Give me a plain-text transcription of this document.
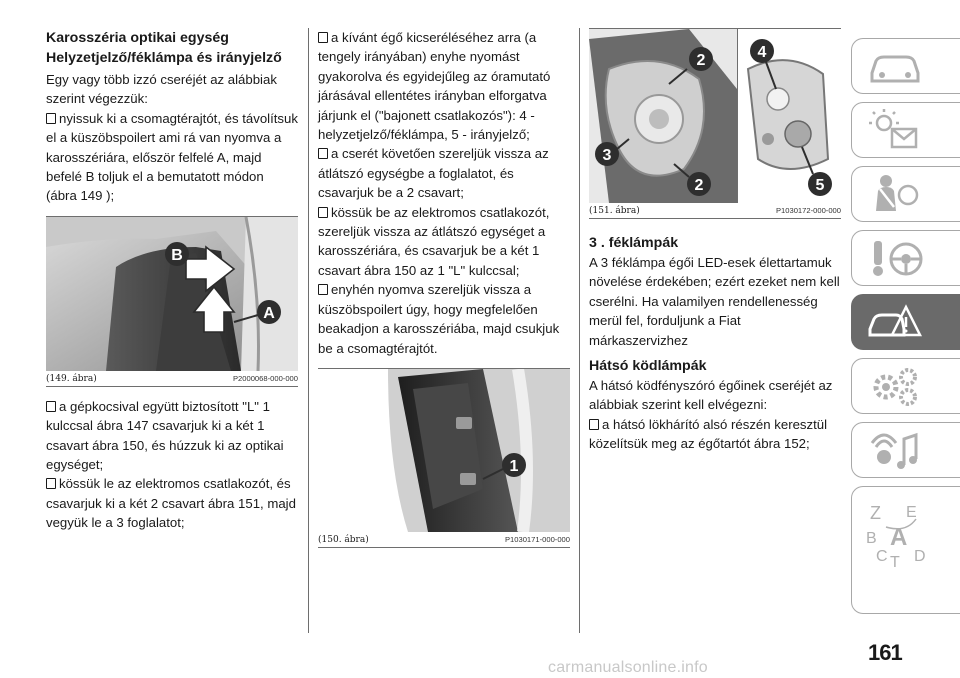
Karosszéria optikai egység
Helyzetjelző/féklámpa és irányjelző

Egy vagy több izzó cseréjét az alábbiak szerint végezzük:

nyissuk ki a csomagtérajtót, és távolítsuk el a küszöbspoilert ami rá van nyomva a karosszériára, először felfelé A, majd befelé B toljuk el a bemutatott módon (ábra 149 );

B
A
(149. ábra)	P2000068-000-000

a gépkocsival együtt biztosított "L" 1 kulccsal ábra 147 csavarjuk ki a két 1 csavart ábra 150, és húzzuk ki az optikai egységet;

kössük le az elektromos csatlakozót, és csavarjuk ki a két 2 csavart ábra 151, majd vegyük le a 3 foglalatot;

a kívánt égő kicseréléséhez arra (a tengely irányában) enyhe nyomást gyakorolva és egyidejűleg az óramutató járásával ellentétes irányban elforgatva járjunk el ("bajonett csatlakozós"): 4 - helyzetjelző/féklámpa, 5 - irányjelző;

a cserét követően szereljük vissza az átlátszó egységbe a foglalatot, és csavarjuk be a 2 csavart;

kössük be az elektromos csatlakozót, szereljük vissza az átlátszó egységet a karosszériára, és csavarjuk be a két 1 csavart ábra 150 az 1 "L" kulccsal;

enyhén nyomva szereljük vissza a küszöbspoilert úgy, hogy megfelelően beakadjon a karosszériába, majd csukjuk be a csomagtérajtót.

1
(150. ábra)	P1030171-000-000
2
3
2
4
5
(151. ábra)	P1030172-000-000
3 . féklámpák

A 3 féklámpa égői LED-esek élettartamuk növelése érdekében; ezért ezeket nem kell cserélni. Ha valamilyen rendellenesség merül fel, forduljunk a Fiat márkaszervizhez

Hátsó ködlámpák

A hátsó ködfényszóró égőinek cseréjét az alábbiak szerint kell elvégezni:

a hátsó lökhárító alsó részén keresztül közelítsük meg az égőtartót ábra 152;

Z E
B A
C T D
161
carmanualsonline.info
